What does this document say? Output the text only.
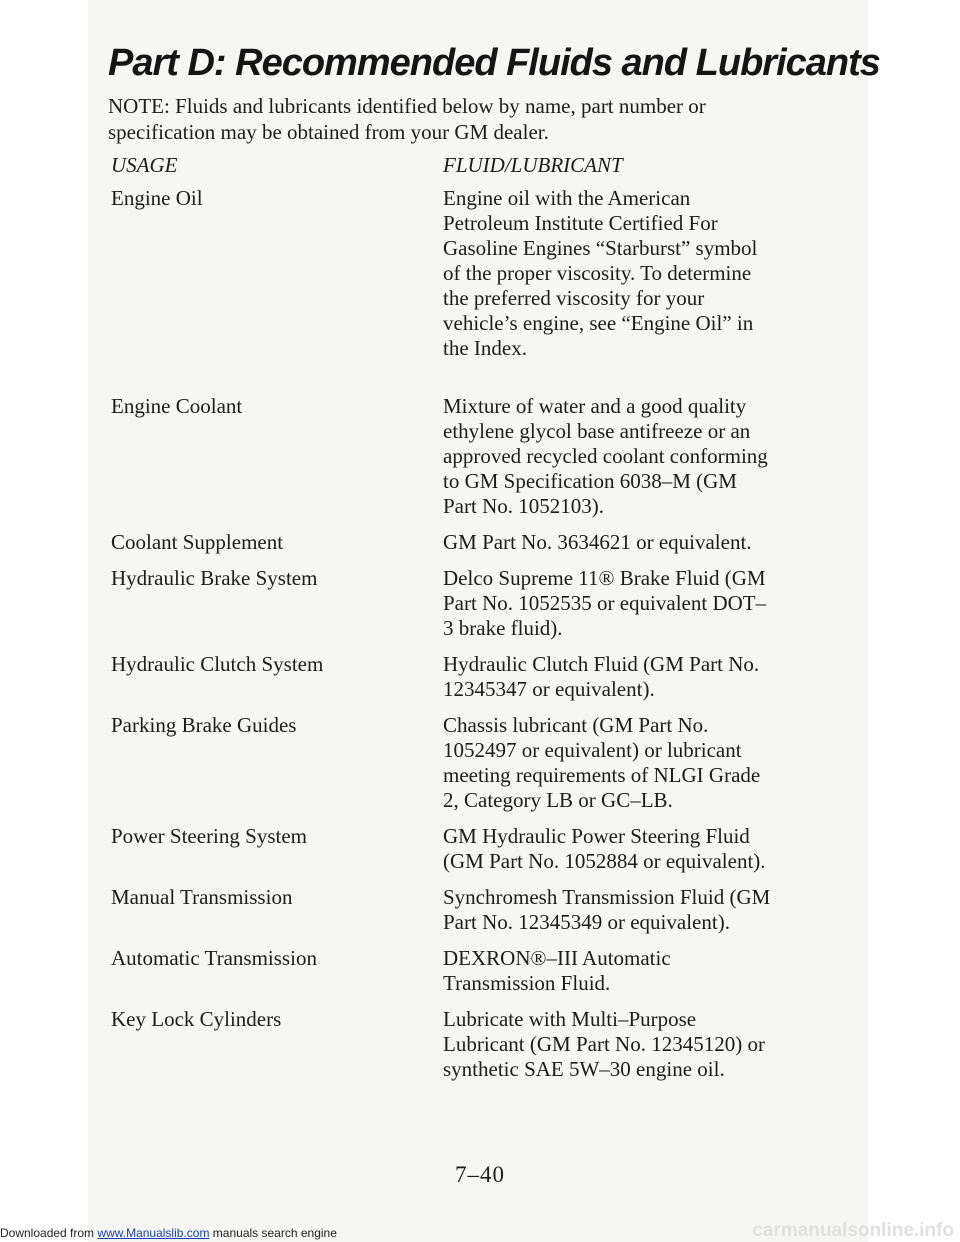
Part D: Recommended Fluids and Lubricants
NOTE: Fluids and lubricants identified below by name, part number or specification may be obtained from your GM dealer.
USAGE	FLUID/LUBRICANT
Engine Oil	Engine oil with the American Petroleum Institute Certified For Gasoline Engines “Starburst” symbol of the proper viscosity. To determine the preferred viscosity for your vehicle’s engine, see “Engine Oil” in the Index.
Engine Coolant	Mixture of water and a good quality ethylene glycol base antifreeze or an approved recycled coolant conforming to GM Specification 6038–M (GM Part No. 1052103).
Coolant Supplement	GM Part No. 3634621 or equivalent.
Hydraulic Brake System	Delco Supreme 11® Brake Fluid (GM Part No. 1052535 or equivalent DOT–3 brake fluid).
Hydraulic Clutch System	Hydraulic Clutch Fluid (GM Part No. 12345347 or equivalent).
Parking Brake Guides	Chassis lubricant (GM Part No. 1052497 or equivalent) or lubricant meeting requirements of NLGI Grade 2, Category LB or GC–LB.
Power Steering System	GM Hydraulic Power Steering Fluid (GM Part No. 1052884 or equivalent).
Manual Transmission	Synchromesh Transmission Fluid (GM Part No. 12345349 or equivalent).
Automatic Transmission	DEXRON®–III Automatic Transmission Fluid.
Key Lock Cylinders	Lubricate with Multi–Purpose Lubricant (GM Part No. 12345120) or synthetic SAE 5W–30 engine oil.
7–40
Downloaded from www.Manualslib.com manuals search engine	carmanualsonline.info
